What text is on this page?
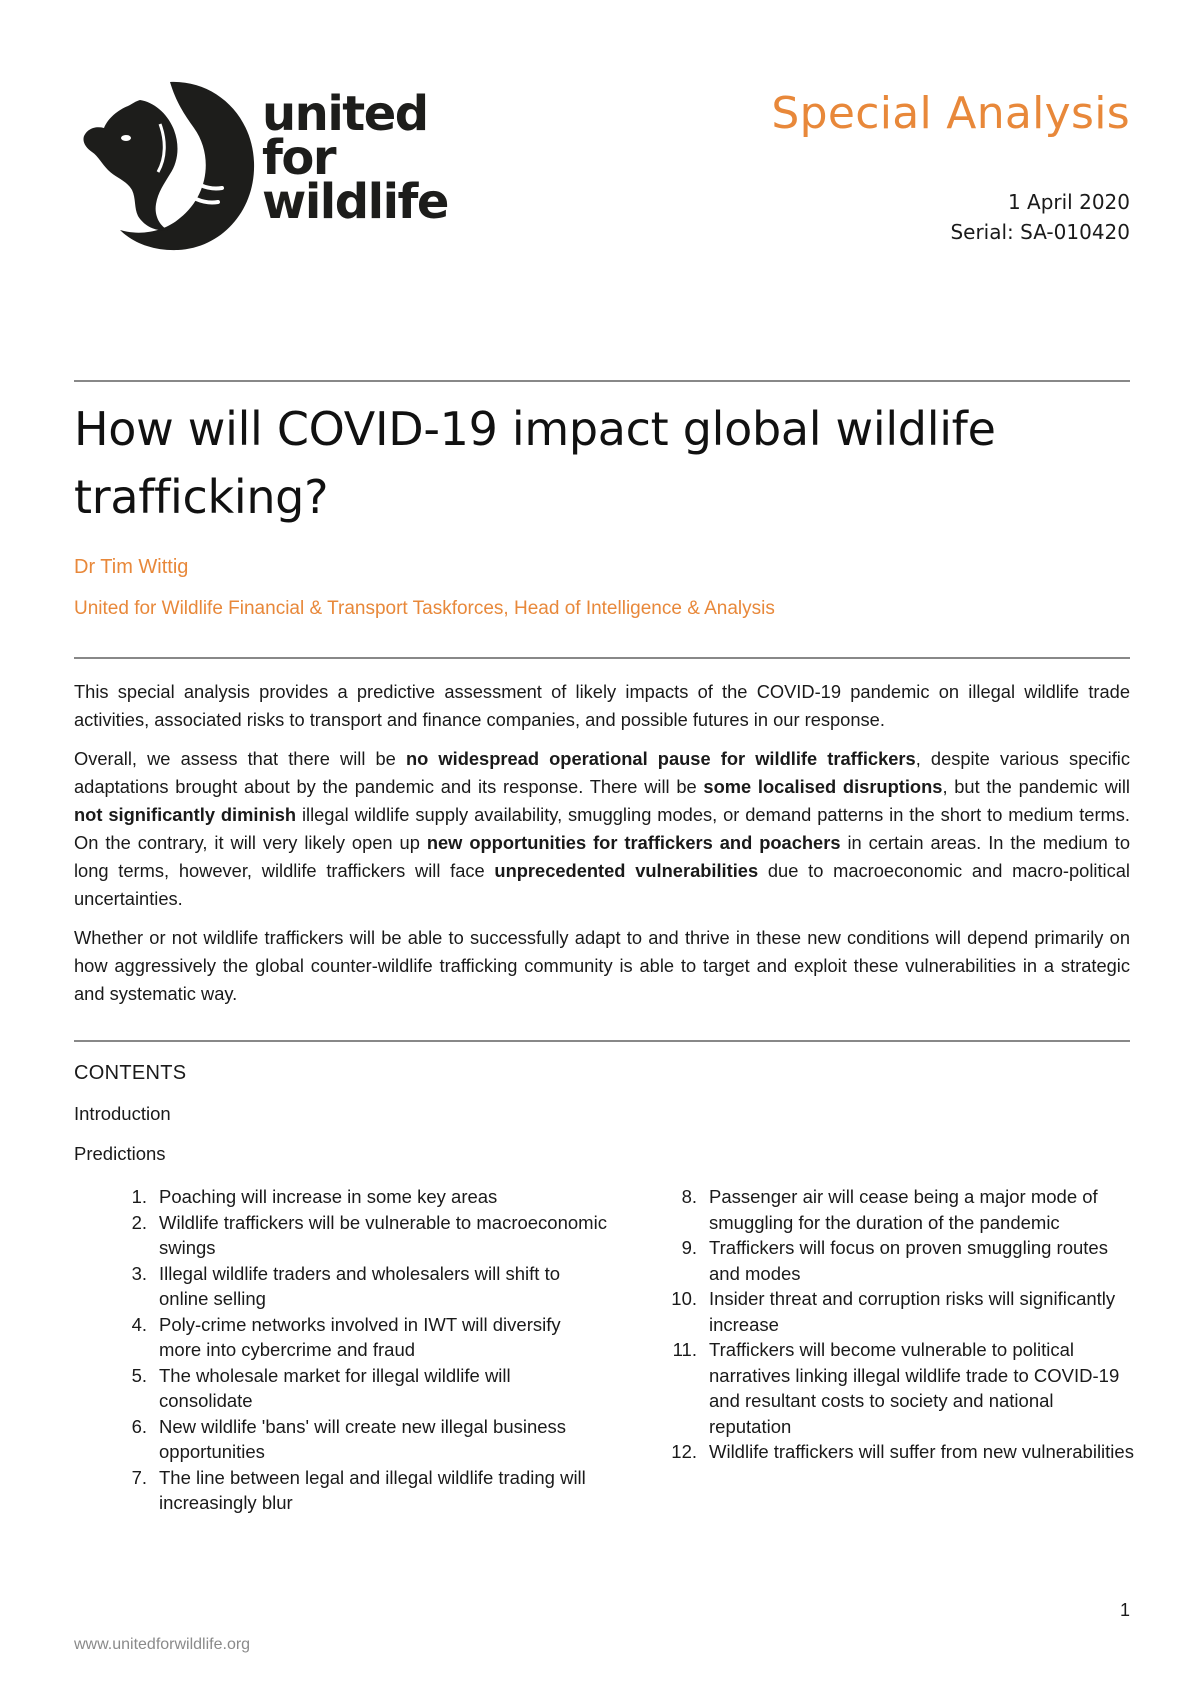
united
for
wildlife
Special Analysis
1 April 2020
Serial: SA-010420
How will COVID-19 impact global wildlife trafficking?
Dr Tim Wittig
United for Wildlife Financial & Transport Taskforces, Head of Intelligence & Analysis

This special analysis provides a predictive assessment of likely impacts of the COVID-19 pandemic on illegal wildlife trade activities, associated risks to transport and finance companies, and possible futures in our response.

Overall, we assess that there will be no widespread operational pause for wildlife traffickers, despite various specific adaptations brought about by the pandemic and its response. There will be some localised disruptions, but the pandemic will not significantly diminish illegal wildlife supply availability, smuggling modes, or demand patterns in the short to medium terms. On the contrary, it will very likely open up new opportunities for traffickers and poachers in certain areas. In the medium to long terms, however, wildlife traffickers will face unprecedented vulnerabilities due to macroeconomic and macro-political uncertainties.

Whether or not wildlife traffickers will be able to successfully adapt to and thrive in these new conditions will depend primarily on how aggressively the global counter-wildlife trafficking community is able to target and exploit these vulnerabilities in a strategic and systematic way.

CONTENTS
Introduction
Predictions
1. Poaching will increase in some key areas
2. Wildlife traffickers will be vulnerable to macroeconomic swings
3. Illegal wildlife traders and wholesalers will shift to online selling
4. Poly-crime networks involved in IWT will diversify more into cybercrime and fraud
5. The wholesale market for illegal wildlife will consolidate
6. New wildlife 'bans' will create new illegal business opportunities
7. The line between legal and illegal wildlife trading will increasingly blur
8. Passenger air will cease being a major mode of smuggling for the duration of the pandemic
9. Traffickers will focus on proven smuggling routes and modes
10. Insider threat and corruption risks will significantly increase
11. Traffickers will become vulnerable to political narratives linking illegal wildlife trade to COVID-19 and resultant costs to society and national reputation
12. Wildlife traffickers will suffer from new vulnerabilities
1
www.unitedforwildlife.org
